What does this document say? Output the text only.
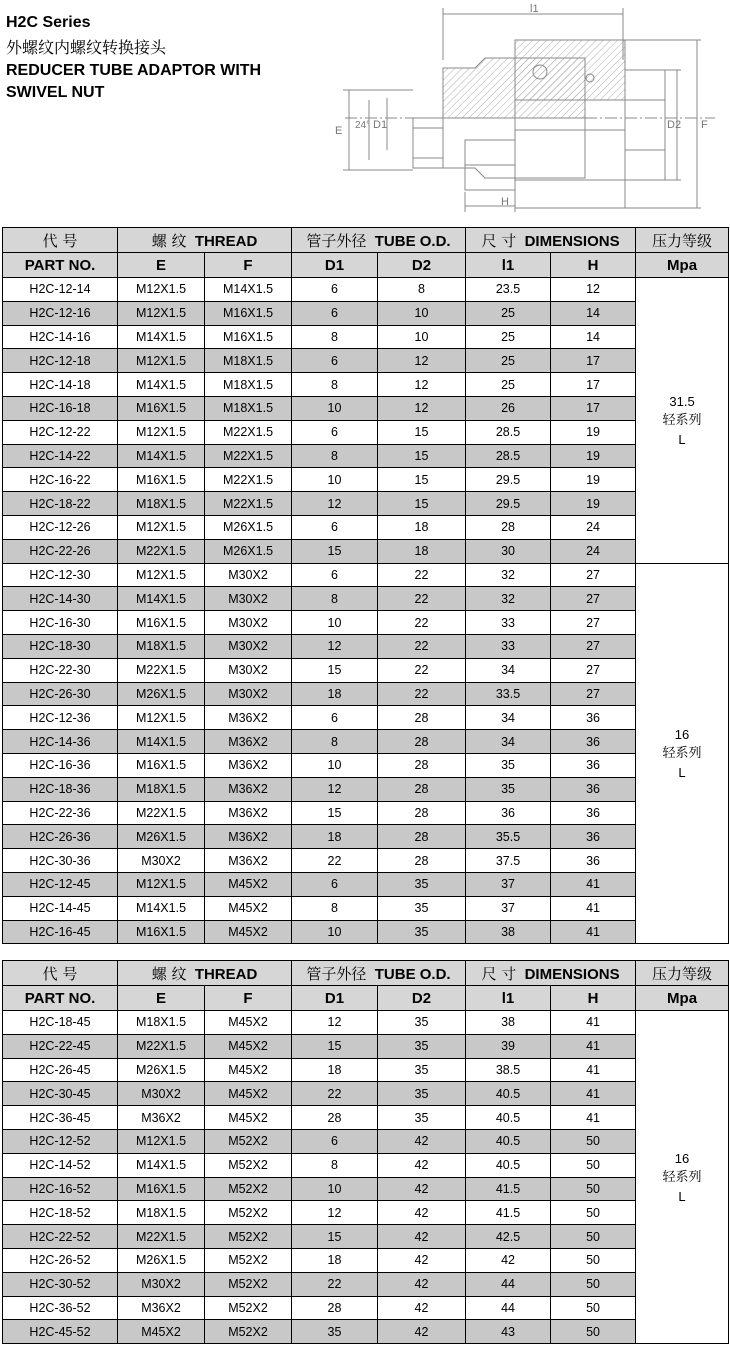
H2C Series
外螺纹内螺纹转换接头
REDUCER TUBE ADAPTOR WITH
SWIVEL NUT
l1
E 24° D1	D2 F
H
代 号	螺 纹 THREAD		管子外径 TUBE O.D.		尺 寸 DIMENSIONS		压力等级
PART NO.	E	F	D1	D2	l1	H	Mpa
H2C-12-14	M12X1.5	M14X1.5	6	8	23.5	12	31.5
轻系列
L

H2C-12-16	M12X1.5	M16X1.5	6	10	25	14	
H2C-14-16	M14X1.5	M16X1.5	8	10	25	14	
H2C-12-18	M12X1.5	M18X1.5	6	12	25	17	
H2C-14-18	M14X1.5	M18X1.5	8	12	25	17	
H2C-16-18	M16X1.5	M18X1.5	10	12	26	17	
H2C-12-22	M12X1.5	M22X1.5	6	15	28.5	19	
H2C-14-22	M14X1.5	M22X1.5	8	15	28.5	19	
H2C-16-22	M16X1.5	M22X1.5	10	15	29.5	19	
H2C-18-22	M18X1.5	M22X1.5	12	15	29.5	19	
H2C-12-26	M12X1.5	M26X1.5	6	18	28	24	
H2C-22-26	M22X1.5	M26X1.5	15	18	30	24	
H2C-12-30	M12X1.5	M30X2	6	22	32	27	16
轻系列
L

H2C-14-30	M14X1.5	M30X2	8	22	32	27	
H2C-16-30	M16X1.5	M30X2	10	22	33	27	
H2C-18-30	M18X1.5	M30X2	12	22	33	27	
H2C-22-30	M22X1.5	M30X2	15	22	34	27	
H2C-26-30	M26X1.5	M30X2	18	22	33.5	27	
H2C-12-36	M12X1.5	M36X2	6	28	34	36	
H2C-14-36	M14X1.5	M36X2	8	28	34	36	
H2C-16-36	M16X1.5	M36X2	10	28	35	36	
H2C-18-36	M18X1.5	M36X2	12	28	35	36	
H2C-22-36	M22X1.5	M36X2	15	28	36	36	
H2C-26-36	M26X1.5	M36X2	18	28	35.5	36	
H2C-30-36	M30X2	M36X2	22	28	37.5	36	
H2C-12-45	M12X1.5	M45X2	6	35	37	41	
H2C-14-45	M14X1.5	M45X2	8	35	37	41	
H2C-16-45	M16X1.5	M45X2	10	35	38	41	
代 号	螺 纹 THREAD		管子外径 TUBE O.D.		尺 寸 DIMENSIONS		压力等级
PART NO.	E	F	D1	D2	l1	H	Mpa
H2C-18-45	M18X1.5	M45X2	12	35	38	41	16
轻系列
L

H2C-22-45	M22X1.5	M45X2	15	35	39	41	
H2C-26-45	M26X1.5	M45X2	18	35	38.5	41	
H2C-30-45	M30X2	M45X2	22	35	40.5	41	
H2C-36-45	M36X2	M45X2	28	35	40.5	41	
H2C-12-52	M12X1.5	M52X2	6	42	40.5	50	
H2C-14-52	M14X1.5	M52X2	8	42	40.5	50	
H2C-16-52	M16X1.5	M52X2	10	42	41.5	50	
H2C-18-52	M18X1.5	M52X2	12	42	41.5	50	
H2C-22-52	M22X1.5	M52X2	15	42	42.5	50	
H2C-26-52	M26X1.5	M52X2	18	42	42	50	
H2C-30-52	M30X2	M52X2	22	42	44	50	
H2C-36-52	M36X2	M52X2	28	42	44	50	
H2C-45-52	M45X2	M52X2	35	42	43	50	
